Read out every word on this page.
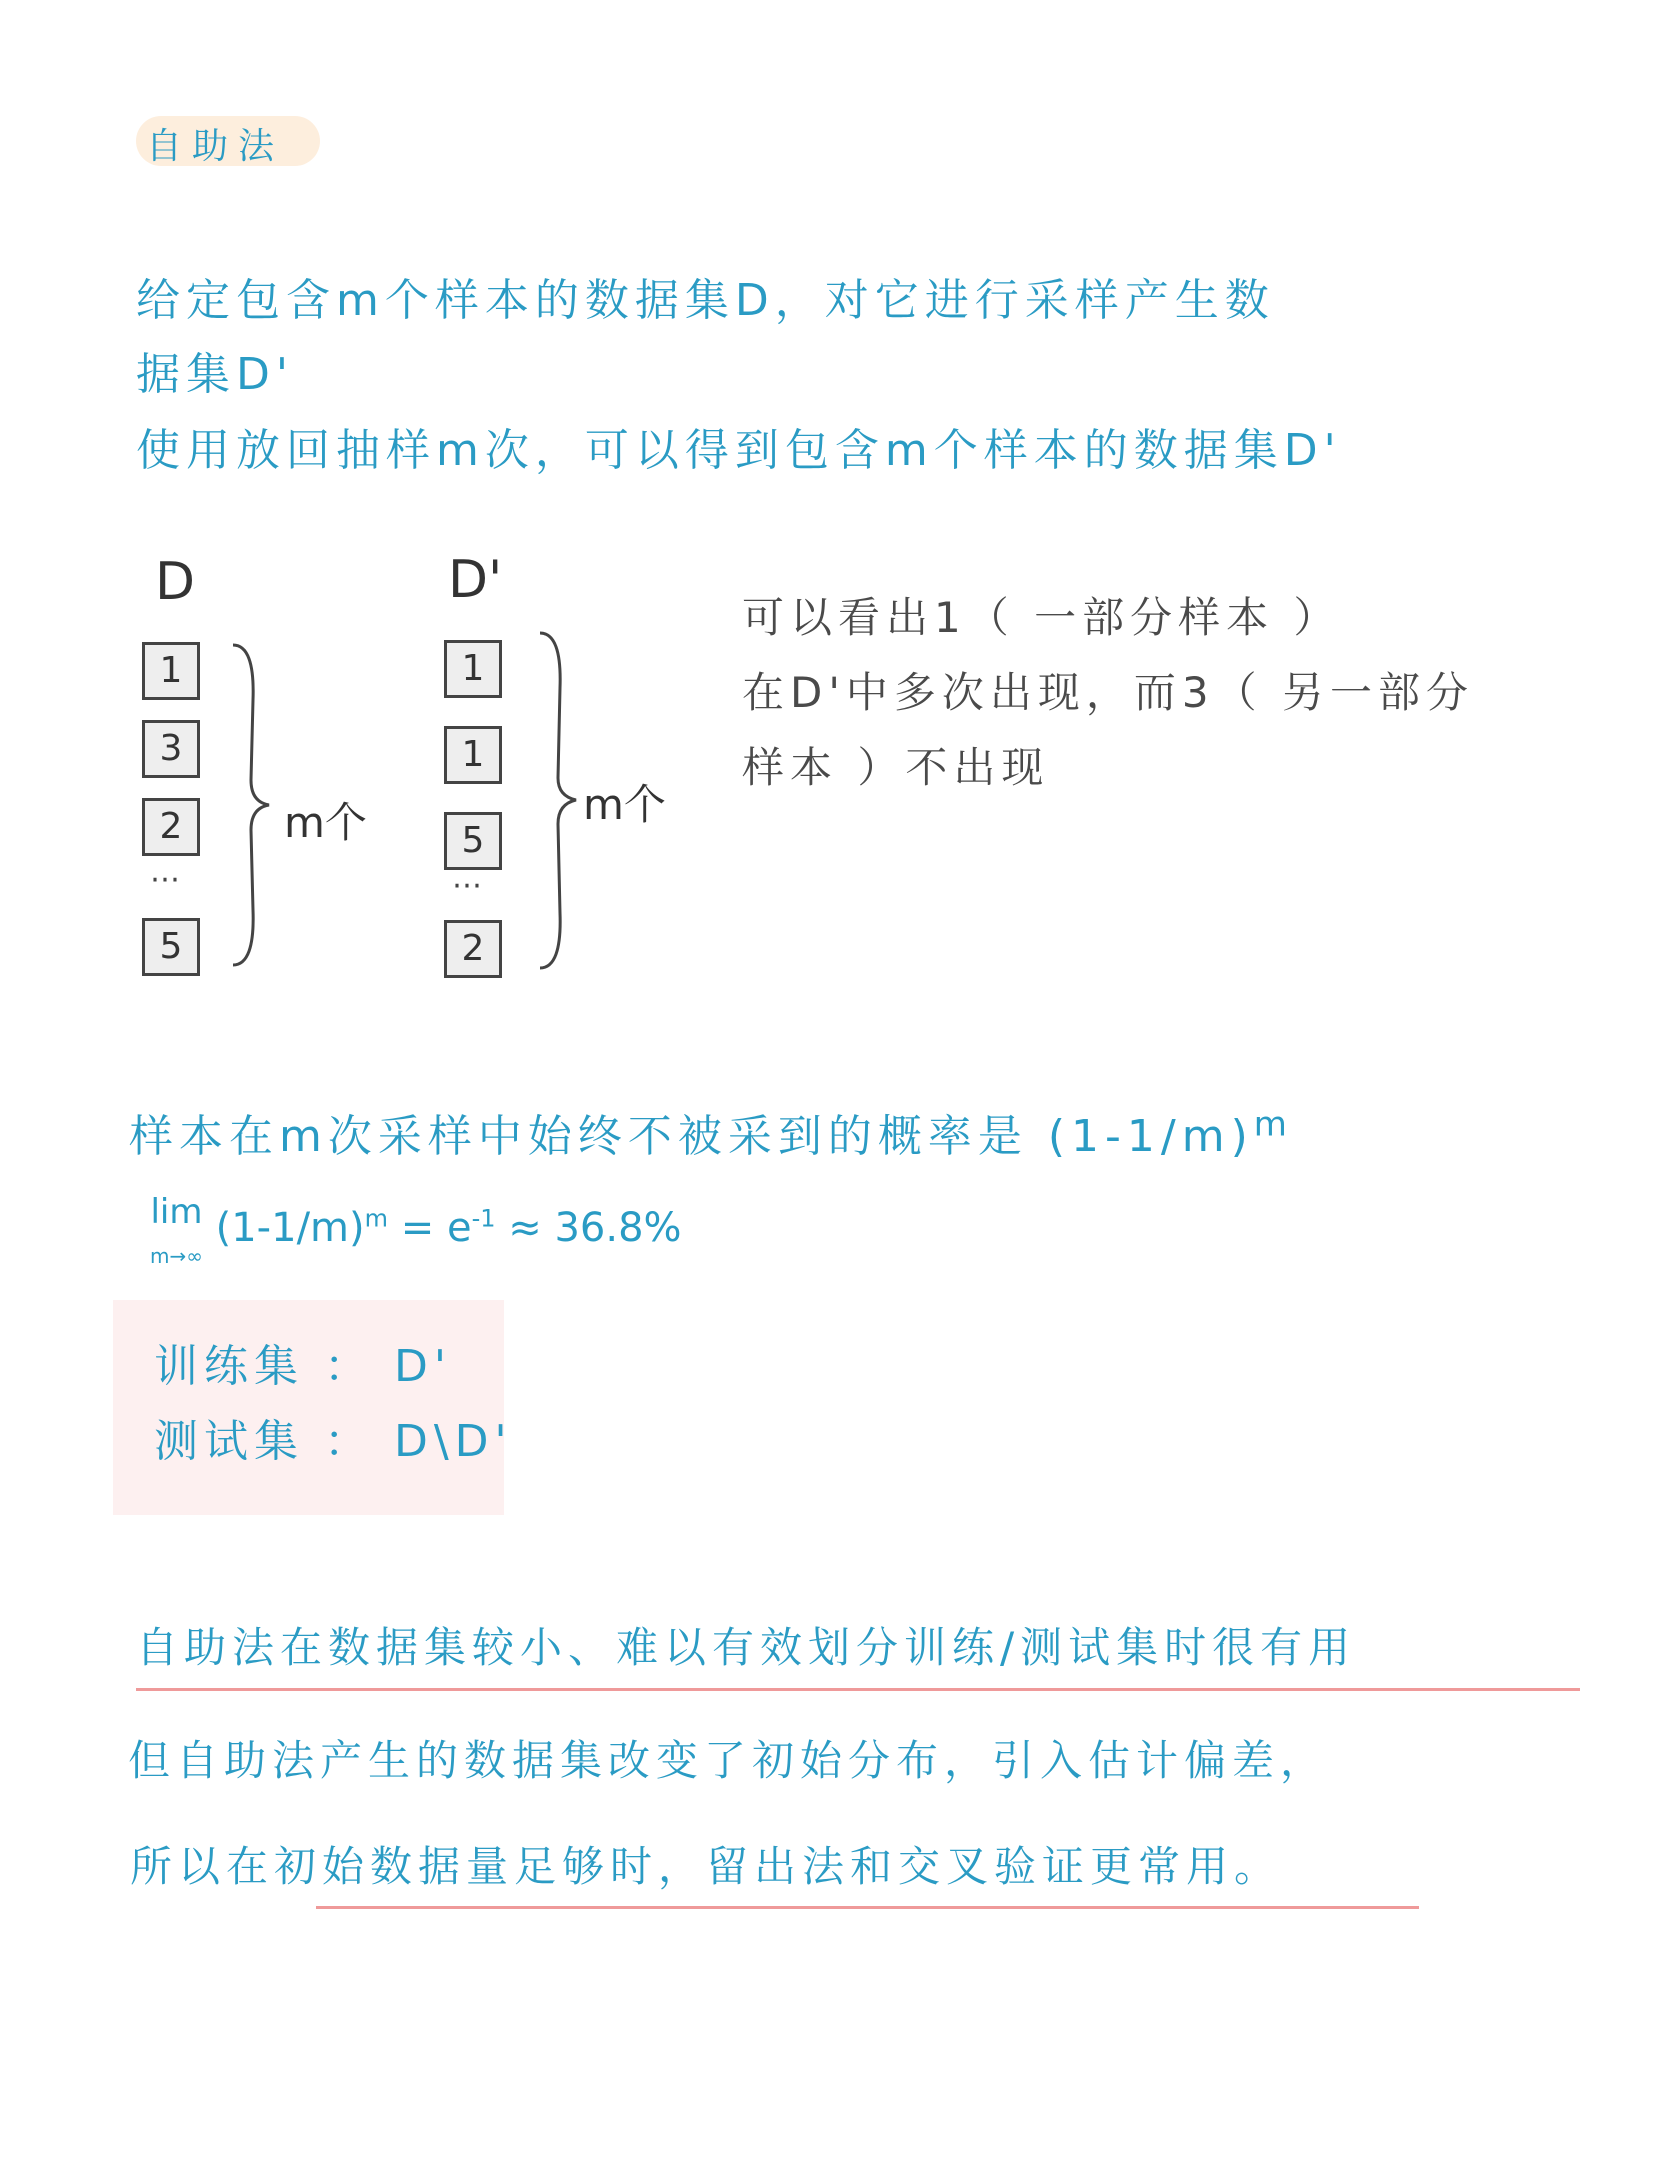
自助法
给定包含m个样本的数据集D，对它进行采样产生数
据集D'
使用放回抽样m次，可以得到包含m个样本的数据集D'
D
1
3
2
⋯
5
m个
D'
1
1
5
⋯
2
m个
可以看出1（ 一部分样本 ）
在D'中多次出现，而3（ 另一部分
样本 ）不出现
样本在m次采样中始终不被采到的概率是 $(1-1/m)^m$
lim
m→∞ $(1-1/m)^m = e^{-1} \approx 36.8\%$
训练集 ： D'
测试集 ： D\D'
自助法在数据集较小、难以有效划分训练/测试集时很有用
但自助法产生的数据集改变了初始分布，引入估计偏差，
所以在初始数据量足够时，留出法和交叉验证更常用。
